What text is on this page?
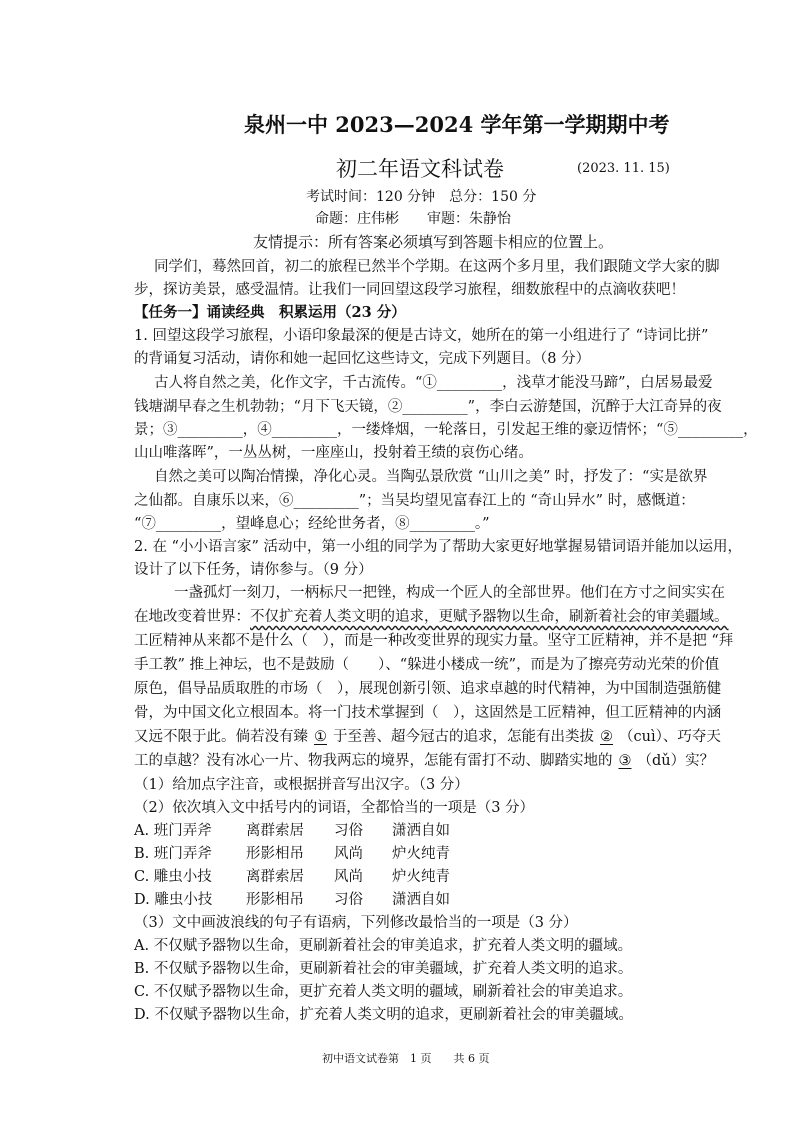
泉州一中 2023—2024 学年第一学期期中考
初二年语文科试卷	(2023. 11. 15)
考试时间：120 分钟　总分：150 分
命题：庄伟彬　　审题：朱静怡
友情提示：所有答案必须填写到答题卡相应的位置上。
同学们，蓦然回首，初二的旅程已然半个学期。在这两个多月里，我们跟随文学大家的脚
步，探访美景，感受温情。让我们一同回望这段学习旅程，细数旅程中的点滴收获吧！
【任务一】诵读经典　积累运用（23 分）
1. 回望这段学习旅程，小语印象最深的便是古诗文，她所在的第一小组进行了 “诗词比拼”
的背诵复习活动，请你和她一起回忆这些诗文，完成下列题目。（8 分）
古人将自然之美，化作文字，千古流传。“①_________，浅草才能没马蹄”，白居易最爱
钱塘湖早春之生机勃勃；“月下飞天镜，②_________”，李白云游楚国，沉醉于大江奇异的夜
景；③_________，④_________，一缕烽烟，一轮落日，引发起王维的豪迈情怀；“⑤_________，
山山唯落晖”，一丛丛树，一座座山，投射着王绩的哀伤心绪。
自然之美可以陶冶情操，净化心灵。当陶弘景欣赏 “山川之美” 时，抒发了：“实是欲界
之仙都。自康乐以来，⑥_________”；当吴均望见富春江上的 “奇山异水” 时，感慨道：
“⑦_________，望峰息心；经纶世务者，⑧_________。”
2. 在 “小小语言家” 活动中，第一小组的同学为了帮助大家更好地掌握易错词语并能加以运用，
设计了以下任务，请你参与。（9 分）
一盏孤灯一刻刀，一柄标尺一把锉，构成一个匠人的全部世界。他们在方寸之间实实在
在地改变着世界：不仅扩充着人类文明的追求，更赋予器物以生命，刷新着社会的审美疆域。
工匠精神从来都不是什么（　），而是一种改变世界的现实力量。坚守工匠精神，并不是把 “拜
手工教” 推上神坛，也不是鼓励（　　）、“躲进小楼成一统”，而是为了擦亮劳动光荣的价值
原色，倡导品质取胜的市场（　），展现创新引领、追求卓越的时代精神，为中国制造强筋健
骨，为中国文化立根固本。将一门技术掌握到（　），这固然是工匠精神，但工匠精神的内涵
又远不限于此。倘若没有臻 ① 于至善、超今冠古的追求，怎能有出类拔 ② （cuì）、巧夺天
工的卓越？没有冰心一片、物我两忘的境界，怎能有雷打不动、脚踏实地的 ③ （dǔ）实？
（1）给加点字注音，或根据拼音写出汉字。（3 分）
（2）依次填入文中括号内的词语，全都恰当的一项是（3 分）
A. 班门弄斧 离群索居 习俗 潇洒自如
B. 班门弄斧 形影相吊 风尚 炉火纯青
C. 雕虫小技 离群索居 风尚 炉火纯青
D. 雕虫小技 形影相吊 习俗 潇洒自如
（3）文中画波浪线的句子有语病，下列修改最恰当的一项是（3 分）
A. 不仅赋予器物以生命，更刷新着社会的审美追求，扩充着人类文明的疆域。
B. 不仅赋予器物以生命，更刷新着社会的审美疆域，扩充着人类文明的追求。
C. 不仅赋予器物以生命，更扩充着人类文明的疆域，刷新着社会的审美追求。
D. 不仅赋予器物以生命，扩充着人类文明的追求，更刷新着社会的审美疆域。
初中语文试卷第　1 页　　共 6 页
